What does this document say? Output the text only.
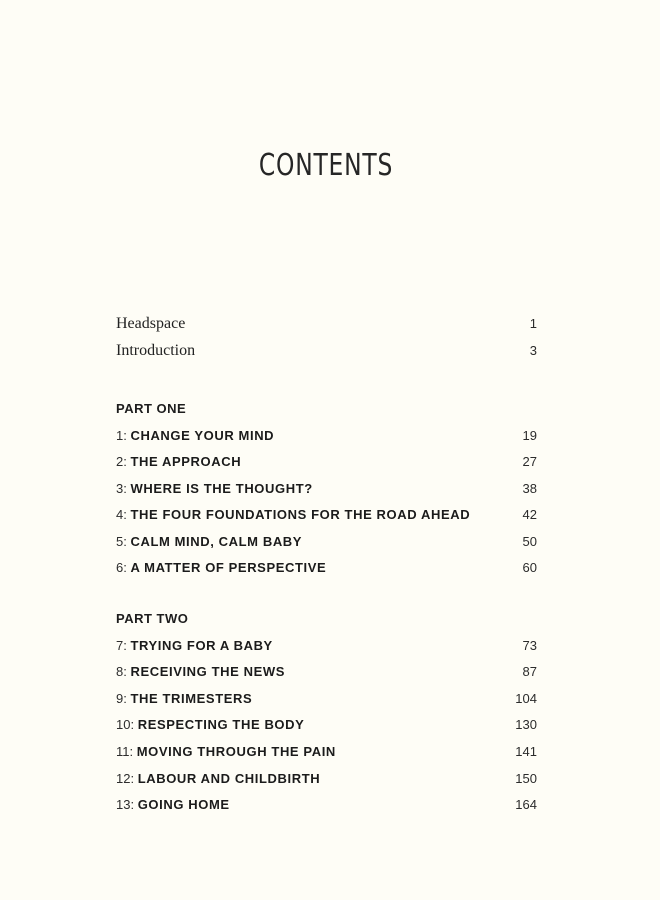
CONTENTS
Headspace	1
Introduction	3
PART ONE
1: CHANGE YOUR MIND	19
2: THE APPROACH	27
3: WHERE IS THE THOUGHT?	38
4: THE FOUR FOUNDATIONS FOR THE ROAD AHEAD	42
5: CALM MIND, CALM BABY	50
6: A MATTER OF PERSPECTIVE	60
PART TWO
7: TRYING FOR A BABY	73
8: RECEIVING THE NEWS	87
9: THE TRIMESTERS	104
10: RESPECTING THE BODY	130
11: MOVING THROUGH THE PAIN	141
12: LABOUR AND CHILDBIRTH	150
13: GOING HOME	164
